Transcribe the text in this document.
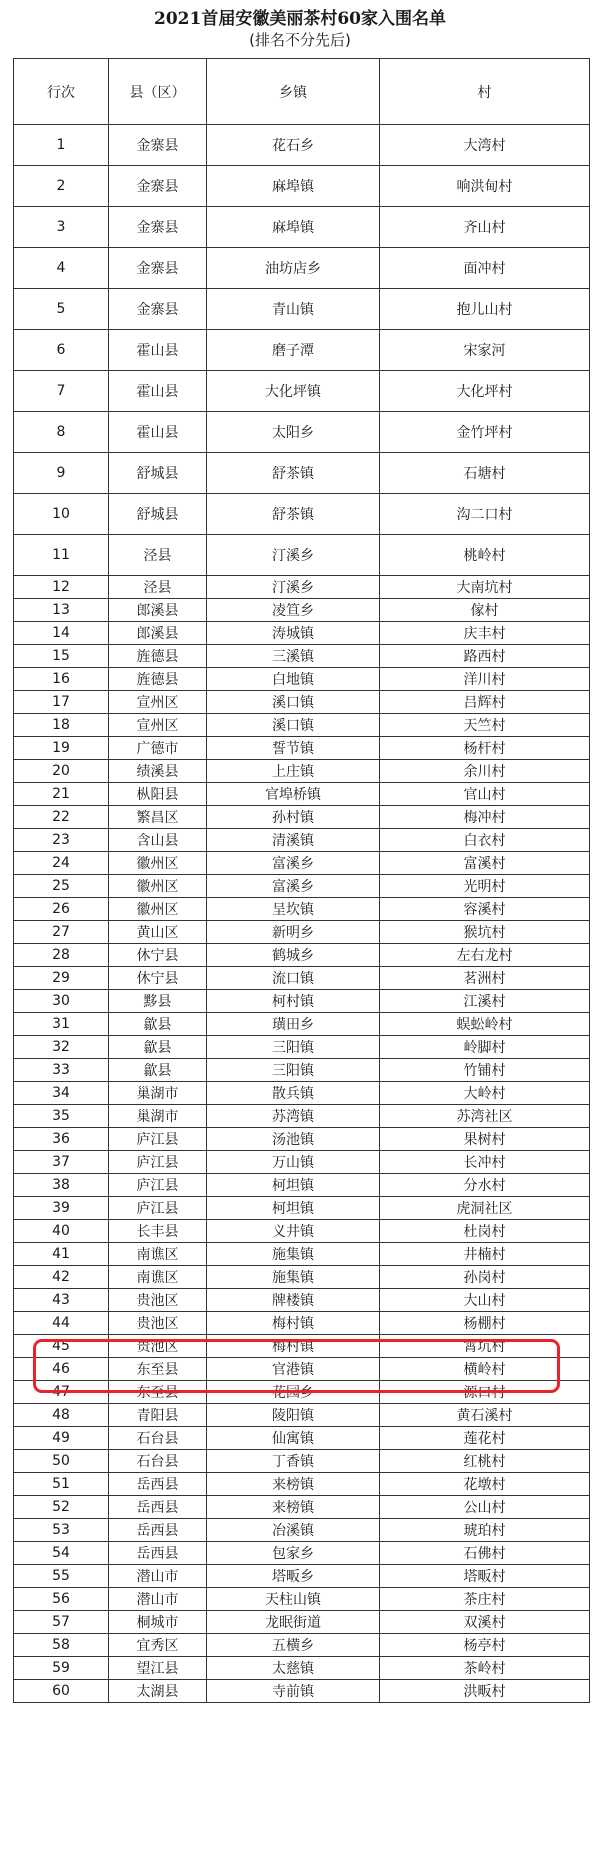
2021首届安徽美丽茶村60家入围名单
(排名不分先后)
行次	县（区）	乡镇	村
1	金寨县	花石乡	大湾村
2	金寨县	麻埠镇	响洪甸村
3	金寨县	麻埠镇	齐山村
4	金寨县	油坊店乡	面冲村
5	金寨县	青山镇	抱儿山村
6	霍山县	磨子潭	宋家河
7	霍山县	大化坪镇	大化坪村
8	霍山县	太阳乡	金竹坪村
9	舒城县	舒茶镇	石塘村
10	舒城县	舒茶镇	沟二口村
11	泾县	汀溪乡	桃岭村
12	泾县	汀溪乡	大南坑村
13	郎溪县	凌笪乡	傢村
14	郎溪县	涛城镇	庆丰村
15	旌德县	三溪镇	路西村
16	旌德县	白地镇	洋川村
17	宣州区	溪口镇	吕辉村
18	宣州区	溪口镇	天竺村
19	广德市	誓节镇	杨杆村
20	绩溪县	上庄镇	余川村
21	枞阳县	官埠桥镇	官山村
22	繁昌区	孙村镇	梅冲村
23	含山县	清溪镇	白衣村
24	徽州区	富溪乡	富溪村
25	徽州区	富溪乡	光明村
26	徽州区	呈坎镇	容溪村
27	黄山区	新明乡	猴坑村
28	休宁县	鹤城乡	左右龙村
29	休宁县	流口镇	茗洲村
30	黟县	柯村镇	江溪村
31	歙县	璜田乡	蜈蚣岭村
32	歙县	三阳镇	岭脚村
33	歙县	三阳镇	竹铺村
34	巢湖市	散兵镇	大岭村
35	巢湖市	苏湾镇	苏湾社区
36	庐江县	汤池镇	果树村
37	庐江县	万山镇	长冲村
38	庐江县	柯坦镇	分水村
39	庐江县	柯坦镇	虎洞社区
40	长丰县	义井镇	杜岗村
41	南谯区	施集镇	井楠村
42	南谯区	施集镇	孙岗村
43	贵池区	牌楼镇	大山村
44	贵池区	梅村镇	杨棚村
45	贵池区	梅村镇	霄坑村
46	东至县	官港镇	横岭村
47	东至县	花园乡	源口村
48	青阳县	陵阳镇	黄石溪村
49	石台县	仙寓镇	莲花村
50	石台县	丁香镇	红桃村
51	岳西县	来榜镇	花墩村
52	岳西县	来榜镇	公山村
53	岳西县	冶溪镇	琥珀村
54	岳西县	包家乡	石佛村
55	潜山市	塔畈乡	塔畈村
56	潜山市	天柱山镇	茶庄村
57	桐城市	龙眠街道	双溪村
58	宜秀区	五横乡	杨亭村
59	望江县	太慈镇	茶岭村
60	太湖县	寺前镇	洪畈村
